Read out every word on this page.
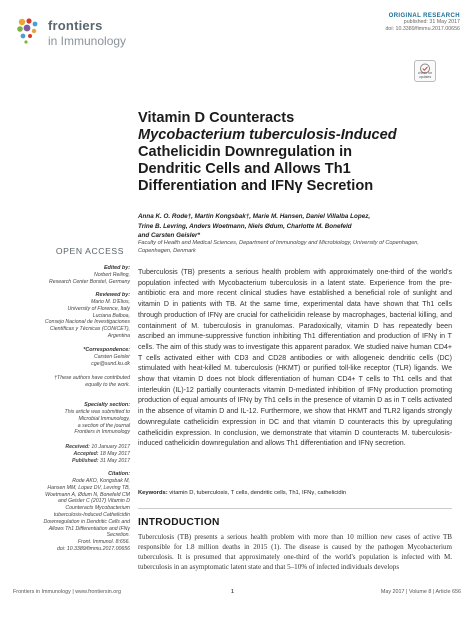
frontiers
in Immunology
ORIGINAL RESEARCH
published: 31 May 2017
doi: 10.3389/fimmu.2017.00656
check for updates
Vitamin D Counteracts
Mycobacterium tuberculosis-Induced
Cathelicidin Downregulation in
Dendritic Cells and Allows Th1
Differentiation and IFNγ Secretion
Anna K. O. Rode†, Martin Kongsbak†, Marie M. Hansen, Daniel Villalba Lopez,
Trine B. Levring, Anders Woetmann, Niels Ødum, Charlotte M. Bonefeld
and Carsten Geisler*
Faculty of Health and Medical Sciences, Department of Immunology and Microbiology, University of Copenhagen,
Copenhagen, Denmark
OPEN ACCESS
Edited by:
Norbert Reiling,
Research Center Borstel, Germany
Reviewed by:
Mario M. D'Elios,
University of Florence, Italy
Luciana Balboa,
Consejo Nacional de Investigaciones
Científicas y Técnicas (CONICET),
Argentina
*Correspondence:
Carsten Geisler
cge@sund.ku.dk
†These authors have contributed
equally to the work.
Specialty section:
This article was submitted to
Microbial Immunology,
a section of the journal
Frontiers in Immunology
Received: 10 January 2017
Accepted: 18 May 2017
Published: 31 May 2017
Citation:
Rode AKO, Kongsbak M,
Hansen MM, Lopez DV, Levring TB,
Woetmann A, Ødum N, Bonefeld CM
and Geisler C (2017) Vitamin D
Counteracts Mycobacterium
tuberculosis-Induced Cathelicidin
Downregulation in Dendritic Cells and
Allows Th1 Differentiation and IFNγ
Secretion.
Front. Immunol. 8:656.
doi: 10.3389/fimmu.2017.00656

Tuberculosis (TB) presents a serious health problem with approximately one-third of the world's population infected with Mycobacterium tuberculosis in a latent state. Experience from the pre-antibiotic era and more recent clinical studies have established a beneficial role of sunlight and vitamin D in patients with TB. At the same time, experimental data have shown that Th1 cells through production of IFNγ are crucial for cathelicidin release by macrophages, bacterial killing, and containment of M. tuberculosis in granulomas. Paradoxically, vitamin D has repeatedly been ascribed an immune-suppressive function inhibiting Th1 differentiation and production of IFNγ in T cells. The aim of this study was to investigate this apparent paradox. We studied naive human CD4+ T cells activated either with CD3 and CD28 antibodies or with allogeneic dendritic cells (DC) stimulated with heat-killed M. tuberculosis (HKMT) or purified toll-like receptor (TLR) ligands. We show that vitamin D does not block differentiation of human CD4+ T cells to Th1 cells and that interleukin (IL)-12 partially counteracts vitamin D-mediated inhibition of IFNγ production promoting production of equal amounts of IFNγ by Th1 cells in the presence of vitamin D as in T cells activated in the absence of vitamin D and IL-12. Furthermore, we show that HKMT and TLR2 ligands strongly downregulate cathelicidin expression in DC and that vitamin D counteracts this by upregulating cathelicidin expression. In conclusion, we demonstrate that vitamin D counteracts M. tuberculosis-induced cathelicidin downregulation and allows Th1 differentiation and IFNγ secretion.

Keywords: vitamin D, tuberculosis, T cells, dendritic cells, Th1, IFNγ, cathelicidin
INTRODUCTION
Tuberculosis (TB) presents a serious health problem with more than 10 million new cases of active TB responsible for 1.8 million deaths in 2015 (1). The disease is caused by the pathogen Mycobacterium tuberculosis. It is presumed that approximately one-third of the world's population is infected with M. tuberculosis in an asymptomatic latent state and that 5–10% of infected individuals develops
Frontiers in Immunology | www.frontiersin.org	1	May 2017 | Volume 8 | Article 656
